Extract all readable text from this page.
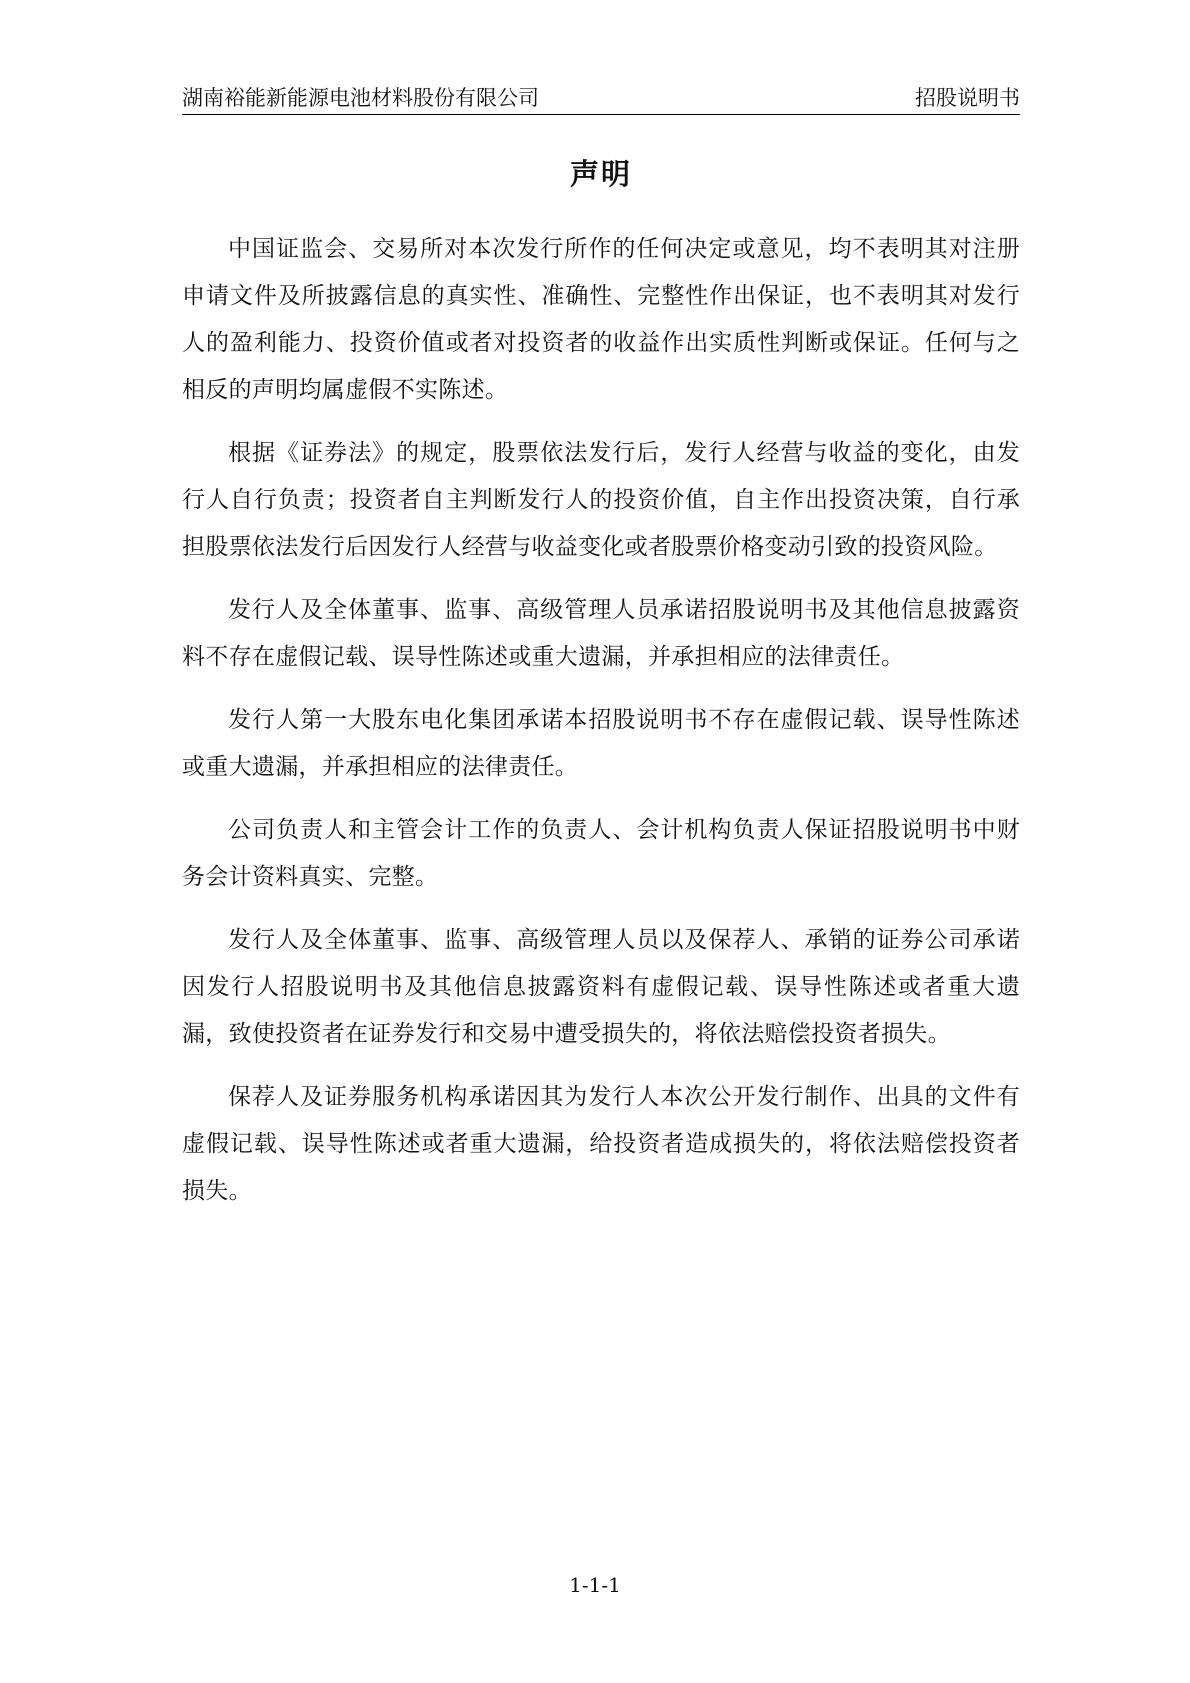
湖南裕能新能源电池材料股份有限公司	招股说明书
声明

中国证监会、交易所对本次发行所作的任何决定或意见，均不表明其对注册申请文件及所披露信息的真实性、准确性、完整性作出保证，也不表明其对发行人的盈利能力、投资价值或者对投资者的收益作出实质性判断或保证。任何与之相反的声明均属虚假不实陈述。

根据《证券法》的规定，股票依法发行后，发行人经营与收益的变化，由发行人自行负责；投资者自主判断发行人的投资价值，自主作出投资决策，自行承担股票依法发行后因发行人经营与收益变化或者股票价格变动引致的投资风险。

发行人及全体董事、监事、高级管理人员承诺招股说明书及其他信息披露资料不存在虚假记载、误导性陈述或重大遗漏，并承担相应的法律责任。

发行人第一大股东电化集团承诺本招股说明书不存在虚假记载、误导性陈述或重大遗漏，并承担相应的法律责任。

公司负责人和主管会计工作的负责人、会计机构负责人保证招股说明书中财务会计资料真实、完整。

发行人及全体董事、监事、高级管理人员以及保荐人、承销的证券公司承诺因发行人招股说明书及其他信息披露资料有虚假记载、误导性陈述或者重大遗漏，致使投资者在证券发行和交易中遭受损失的，将依法赔偿投资者损失。

保荐人及证券服务机构承诺因其为发行人本次公开发行制作、出具的文件有虚假记载、误导性陈述或者重大遗漏，给投资者造成损失的，将依法赔偿投资者损失。

1-1-1
